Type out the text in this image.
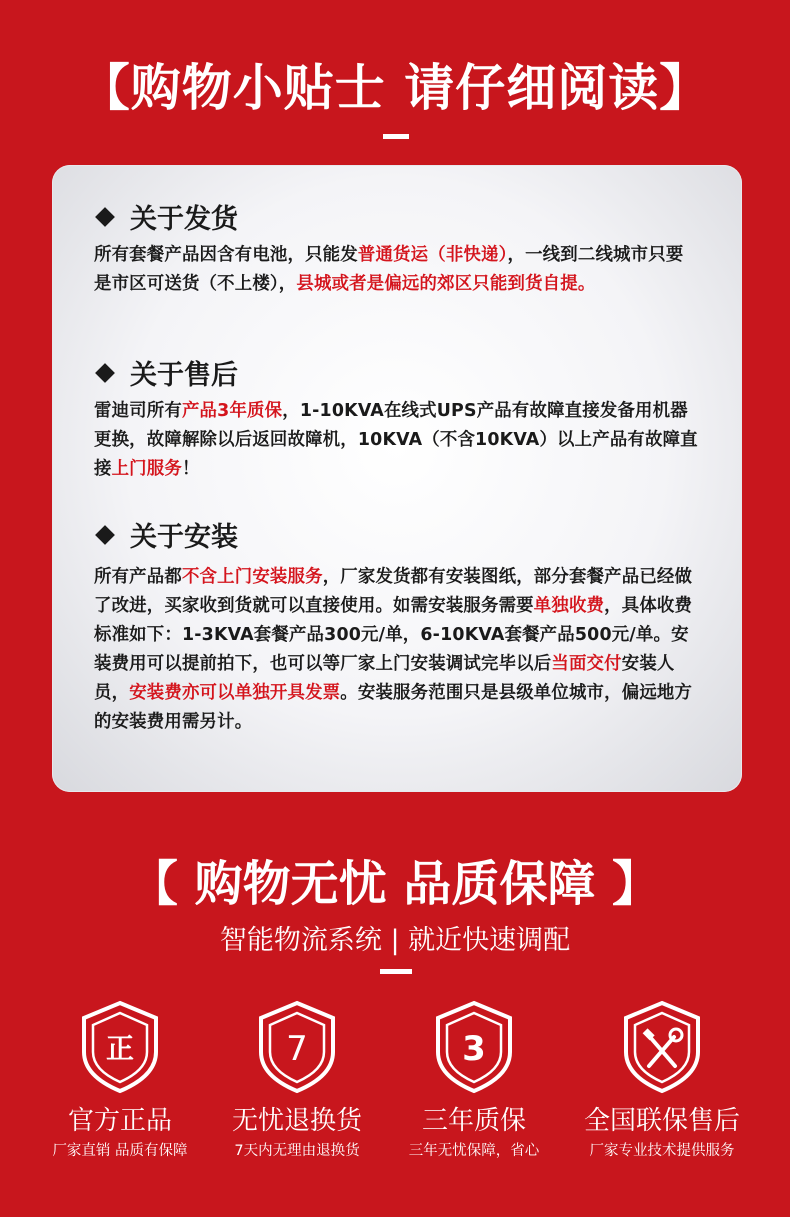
【购物小贴士 请仔细阅读】
关于发货
所有套餐产品因含有电池，只能发普通货运（非快递），一线到二线城市只要是市区可送货（不上楼），县城或者是偏远的郊区只能到货自提。
关于售后
雷迪司所有产品3年质保，1-10KVA在线式UPS产品有故障直接发备用机器更换，故障解除以后返回故障机，10KVA（不含10KVA）以上产品有故障直接上门服务！
关于安装
所有产品都不含上门安装服务，厂家发货都有安装图纸，部分套餐产品已经做了改进，买家收到货就可以直接使用。如需安装服务需要单独收费，具体收费标准如下：1-3KVA套餐产品300元/单，6-10KVA套餐产品500元/单。安装费用可以提前拍下，也可以等厂家上门安装调试完毕以后当面交付安装人员，安装费亦可以单独开具发票。安装服务范围只是县级单位城市，偏远地方的安装费用需另计。
【 购物无忧 品质保障 】
智能物流系统 | 就近快速调配
正
官方正品
厂家直销 品质有保障
7
无忧退换货
7天内无理由退换货
3
三年质保
三年无忧保障，省心
全国联保售后
厂家专业技术提供服务
